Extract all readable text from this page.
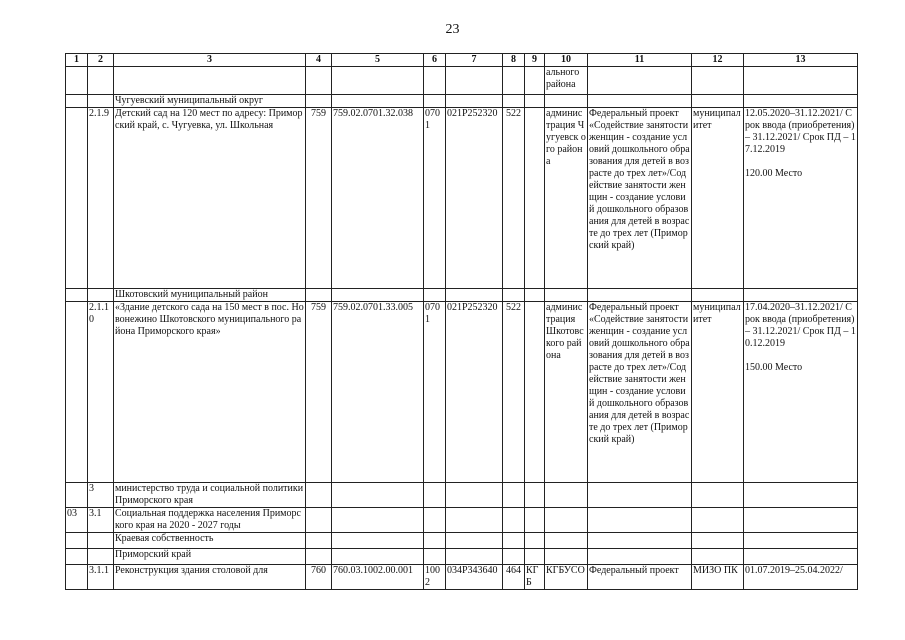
23
1	2	3	4	5	6	7	8	9	10	11	12	13
									ального района			
		Чугуевский муниципальный округ										
	2.1.9	Детский сад на 120 мест по адресу: Приморский край, с. Чугуевка, ул. Школьная	759	759.02.0701.32.038	0701	021P252320	522		админис трация Чугуевск ого района	Федеральный проект «Содействие занятости женщин - создание условий дошкольного образования для детей в возрасте до трех лет»/Содействие занятости женщин - создание условий дошкольного образования для детей в возрасте до трех лет (Приморский край)	муниципал итет	12.05.2020–31.12.2021/ Срок ввода (приобретения) – 31.12.2021/ Срок ПД – 17.12.2019
120.00 Место

		Шкотовский муниципальный район										
	2.1.1 0	«Здание детского сада на 150 мест в пос. Новонежино Шкотовского муниципального района Приморского края»	759	759.02.0701.33.005	0701	021P252320	522		админис трация Шкотовс кого района	Федеральный проект «Содействие занятости женщин - создание условий дошкольного образования для детей в возрасте до трех лет»/Содействие занятости женщин - создание условий дошкольного образования для детей в возрасте до трех лет (Приморский край)	муниципал итет	17.04.2020–31.12.2021/ Срок ввода (приобретения) – 31.12.2021/ Срок ПД – 10.12.2019
150.00 Место

	3	министерство труда и социальной политики Приморского края										
03	3.1	Социальная поддержка населения Приморского края на 2020 - 2027 годы										
		Краевая собственность										
		Приморский край										
	3.1.1	Реконструкция здания столовой для	760	760.03.1002.00.001	1002	034P343640	464	КГБ	КГБУСО	Федеральный проект	МИЗО ПК	01.07.2019–25.04.2022/
